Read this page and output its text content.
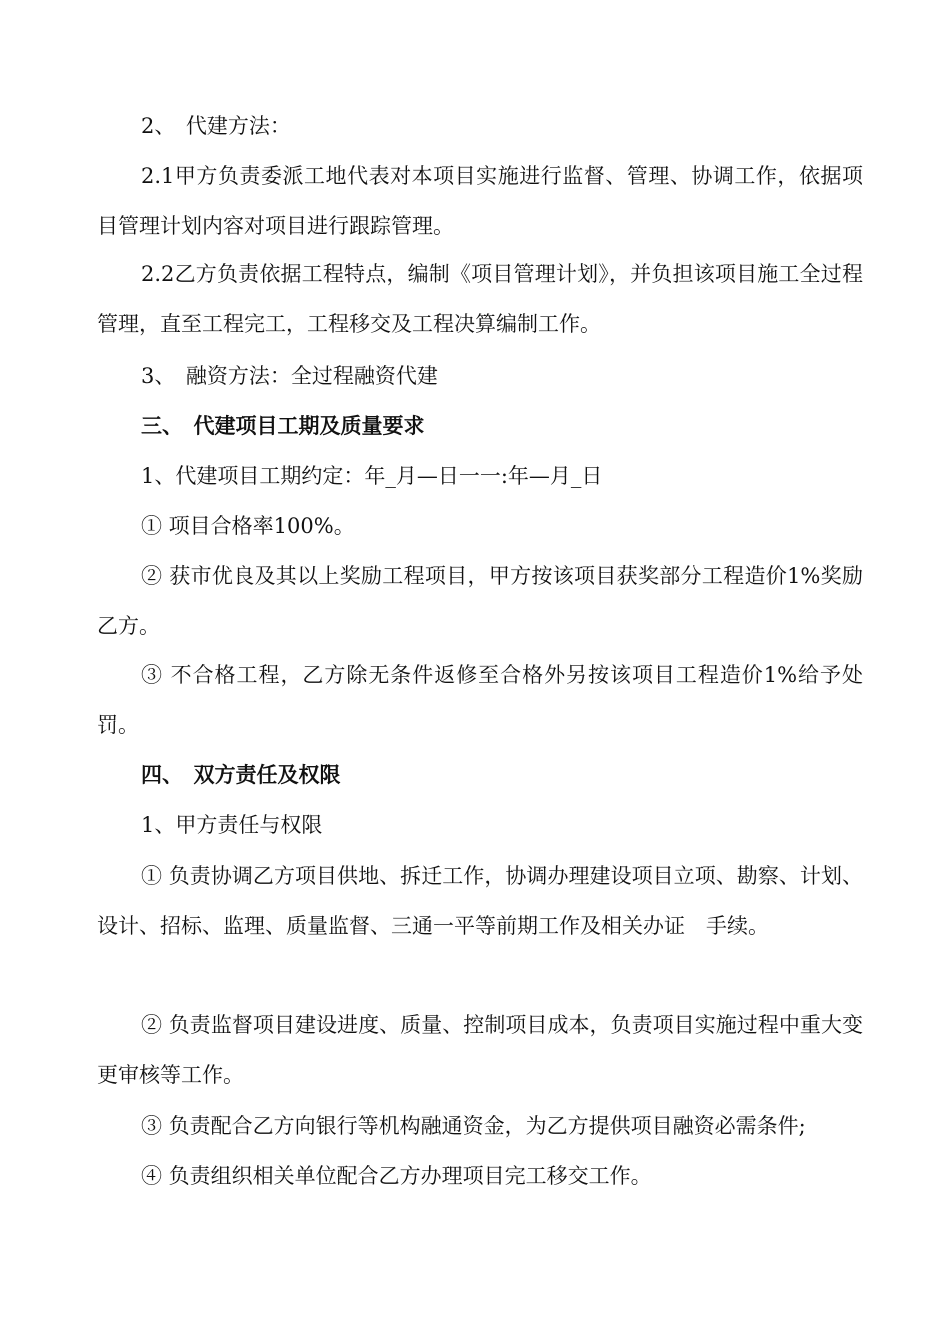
2、　代建方法：

2.1甲方负责委派工地代表对本项目实施进行监督、管理、协调工作，依据项目管理计划内容对项目进行跟踪管理。

2.2乙方负责依据工程特点，编制《项目管理计划》，并负担该项目施工全过程管理，直至工程完工，工程移交及工程决算编制工作。

3、　融资方法：全过程融资代建

三、　代建项目工期及质量要求

1、代建项目工期约定：年_月—日一一:年—月_日

① 项目合格率100%。

② 获市优良及其以上奖励工程项目，甲方按该项目获奖部分工程造价1%奖励乙方。

③ 不合格工程，乙方除无条件返修至合格外另按该项目工程造价1%给予处罚。

四、　双方责任及权限

1、甲方责任与权限

① 负责协调乙方项目供地、拆迁工作，协调办理建设项目立项、勘察、计划、设计、招标、监理、质量监督、三通一平等前期工作及相关办证　手续。

② 负责监督项目建设进度、质量、控制项目成本，负责项目实施过程中重大变更审核等工作。

③ 负责配合乙方向银行等机构融通资金，为乙方提供项目融资必需条件;

④ 负责组织相关单位配合乙方办理项目完工移交工作。
